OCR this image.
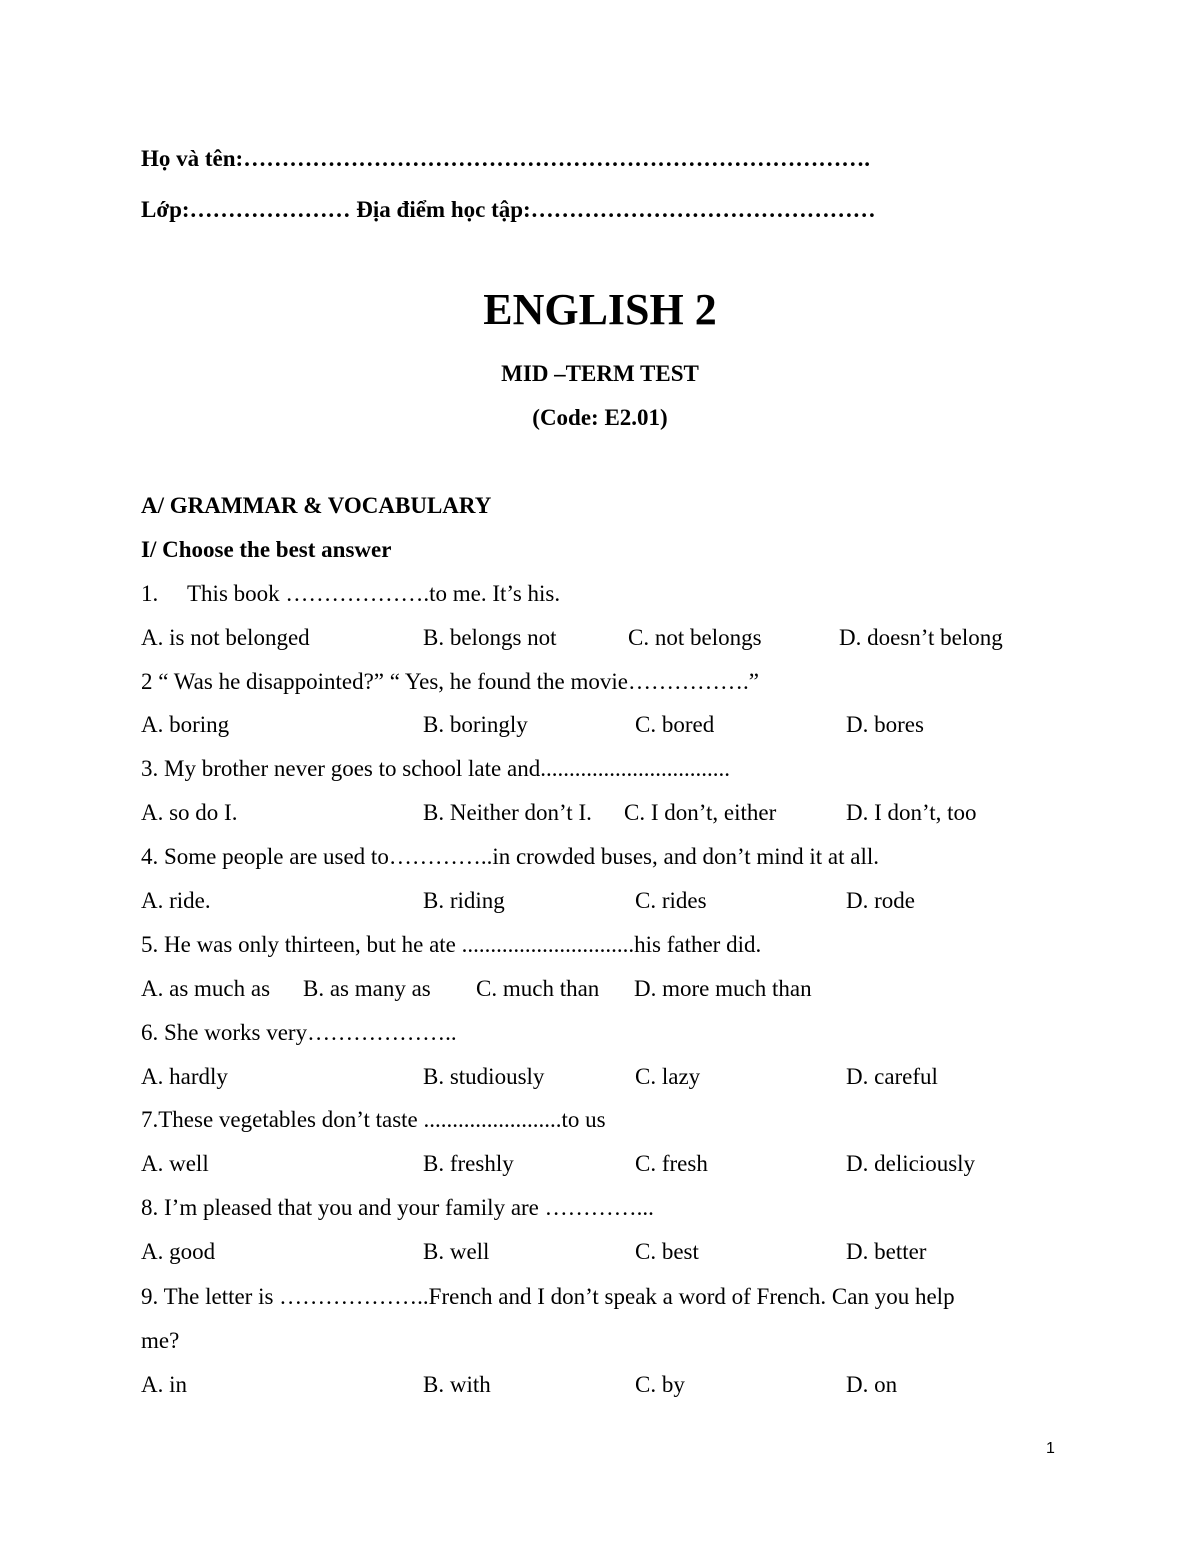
Họ và tên:……………………………………………………………………….
Lớp:………………… Địa điểm học tập:………………………………………
ENGLISH 2
MID –TERM TEST
(Code: E2.01)
A/ GRAMMAR & VOCABULARY
I/ Choose the best answer
1. This book ……………….to me. It’s his.
A. is not belonged	B. belongs not	C. not belongs	D. doesn’t belong
2 “ Was he disappointed?” “ Yes, he found the movie…………….”
A. boring	B. boringly	C. bored	D. bores
3. My brother never goes to school late and.................................
A. so do I.	B. Neither don’t I. C. I don’t, either	D. I don’t, too
4. Some people are used to…………..in crowded buses, and don’t mind it at all.
A. ride.	B. riding	C. rides	D. rode
5. He was only thirteen, but he ate ..............................his father did.
A. as much as B. as many as C. much than D. more much than
6. She works very………………..
A. hardly	B. studiously	C. lazy	D. careful
7.These vegetables don’t taste ........................to us
A. well	B. freshly	C. fresh	D. deliciously
8. I’m pleased that you and your family are …………...
A. good	B. well	C. best	D. better
9. The letter is ………………..French and I don’t speak a word of French. Can you help
me?
A. in	B. with	C. by	D. on
1
